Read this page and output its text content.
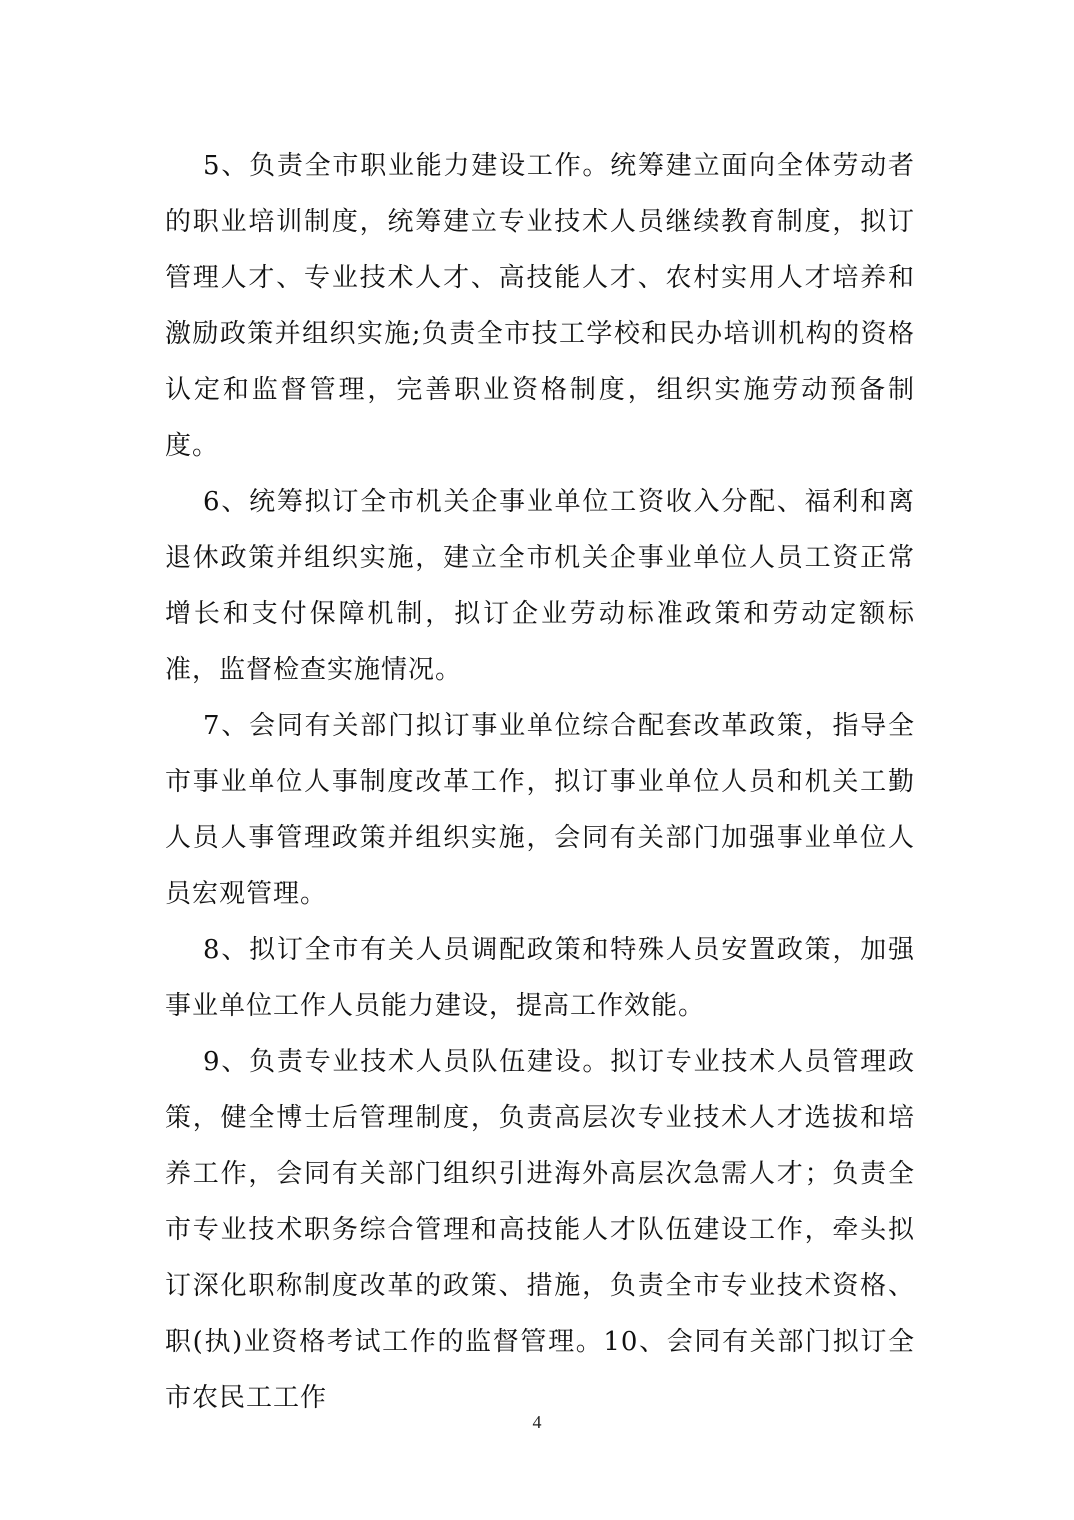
5、负责全市职业能力建设工作。统筹建立面向全体劳动者的职业培训制度，统筹建立专业技术人员继续教育制度，拟订管理人才、专业技术人才、高技能人才、农村实用人才培养和激励政策并组织实施;负责全市技工学校和民办培训机构的资格认定和监督管理，完善职业资格制度，组织实施劳动预备制度。

6、统筹拟订全市机关企事业单位工资收入分配、福利和离退休政策并组织实施，建立全市机关企事业单位人员工资正常增长和支付保障机制，拟订企业劳动标准政策和劳动定额标准，监督检查实施情况。

7、会同有关部门拟订事业单位综合配套改革政策，指导全市事业单位人事制度改革工作，拟订事业单位人员和机关工勤人员人事管理政策并组织实施，会同有关部门加强事业单位人员宏观管理。

8、拟订全市有关人员调配政策和特殊人员安置政策，加强事业单位工作人员能力建设，提高工作效能。

9、负责专业技术人员队伍建设。拟订专业技术人员管理政策，健全博士后管理制度，负责高层次专业技术人才选拔和培养工作，会同有关部门组织引进海外高层次急需人才；负责全市专业技术职务综合管理和高技能人才队伍建设工作，牵头拟订深化职称制度改革的政策、措施，负责全市专业技术资格、职(执)业资格考试工作的监督管理。10、会同有关部门拟订全市农民工工作

4
